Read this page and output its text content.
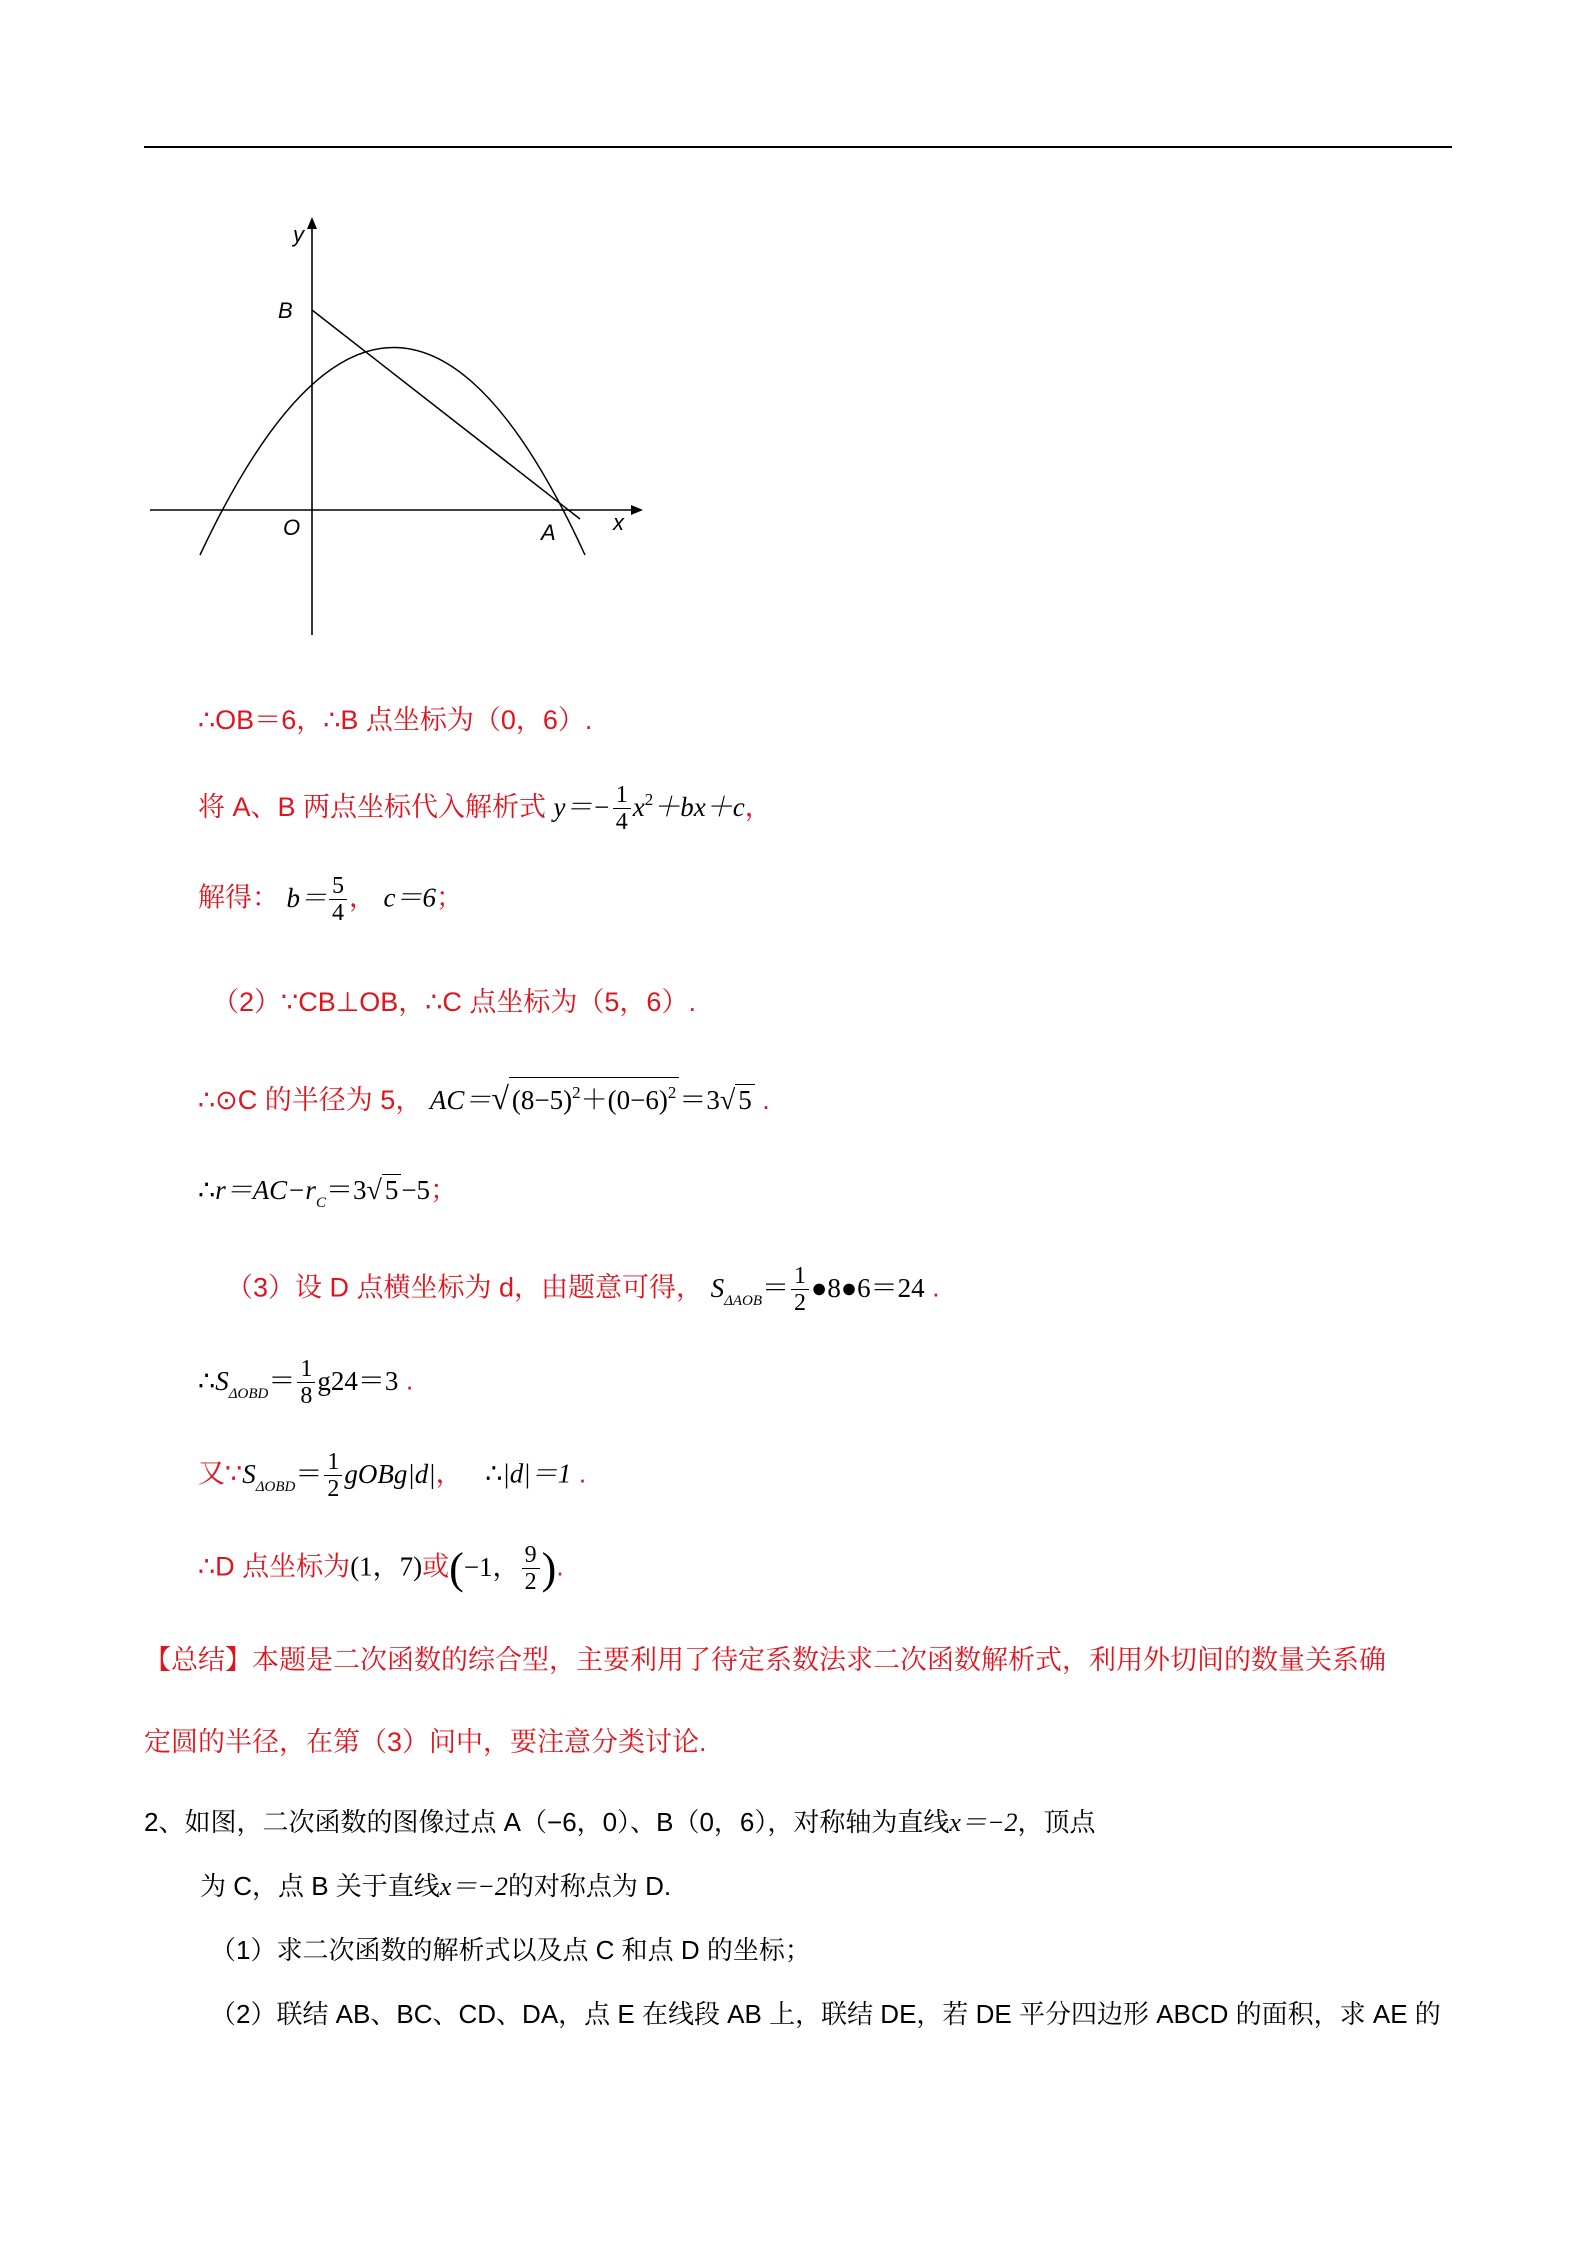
y
x
B
O	A
∴OB＝6，∴B 点坐标为（0，6）.
将 A、B 两点坐标代入解析式 $y=- \frac{1}{4} x^2+bx+c$，
解得： $b= \frac{5}{4}$ ， c＝6；
（2）∵CB⊥OB，∴C 点坐标为（5，6）.
∴⊙C 的半径为 5， AC＝√ $(8-5)^2+(0-6)^2 =3√$ 5 .
$\therefore r=AC-r_C=3√$ 5 −5；
（3）设 D 点横坐标为 d，由题意可得， $S_{\Delta AOB}= \frac{1}{2}$ ●8●6＝24 .
$\therefore S_{\Delta OBD}= \frac{1}{8} g24=3$ .
又$\because S_{\Delta OBD}= \frac{1}{2}$ gOBg|d|， ∴|d|＝1 .
∴D 点坐标为(1，7)或(−1， $\frac{9}{2}$ ).
【总结】本题是二次函数的综合型，主要利用了待定系数法求二次函数解析式，利用外切间的数量关系确
定圆的半径，在第（3）问中，要注意分类讨论.
2、如图，二次函数的图像过点 A（−6，0）、B（0，6），对称轴为直线x＝−2，顶点
为 C，点 B 关于直线x＝−2的对称点为 D.
（1）求二次函数的解析式以及点 C 和点 D 的坐标；
（2）联结 AB、BC、CD、DA，点 E 在线段 AB 上，联结 DE，若 DE 平分四边形 ABCD 的面积，求 AE 的
